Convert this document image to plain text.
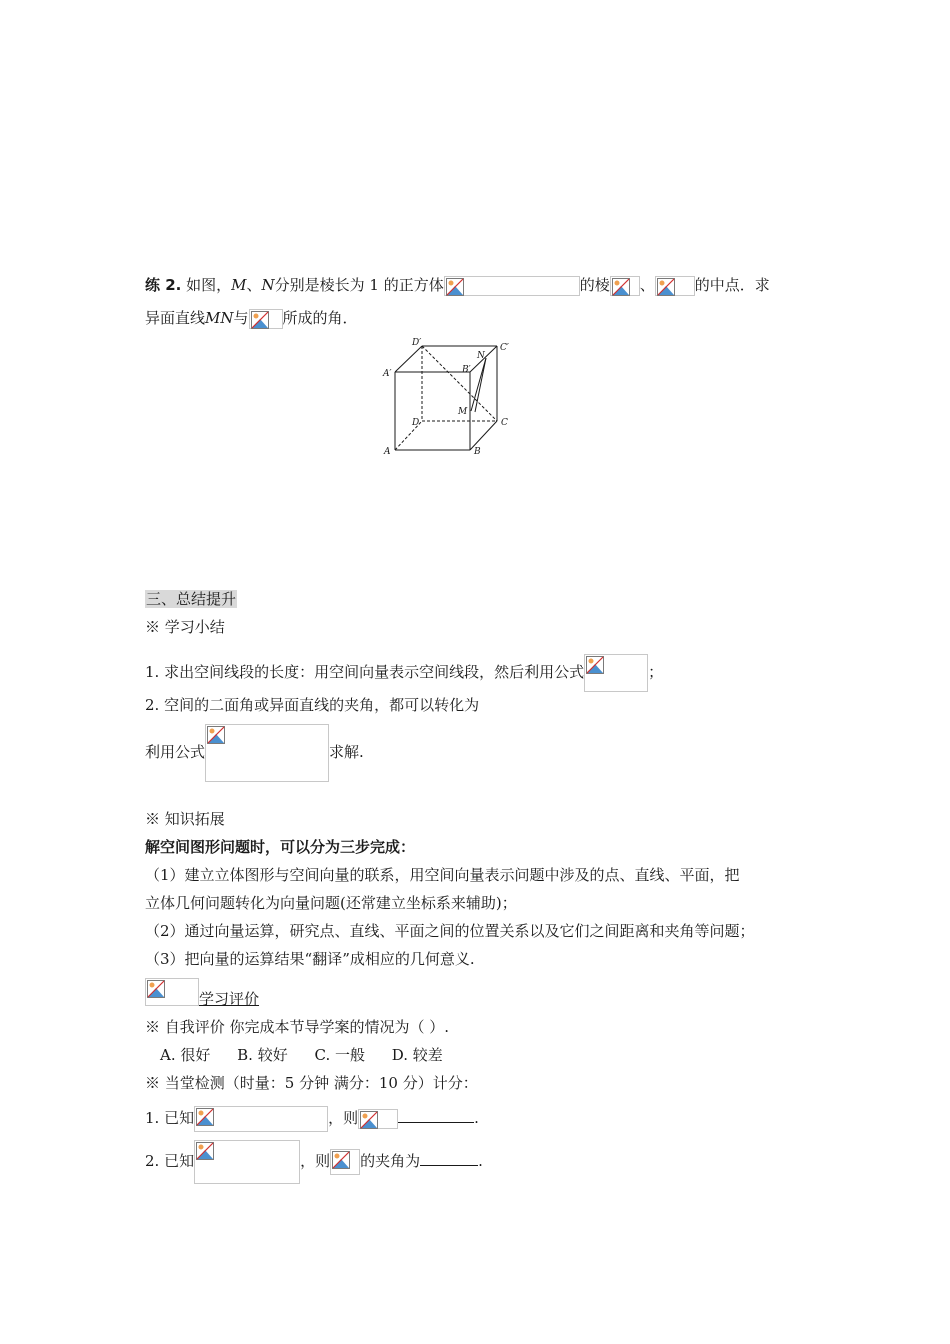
练 2. 如图，M、N分别是棱长为 1 的正方体	的棱 、	的中点．求
异面直线MN与 所成的角．
D′	C′
A′	B′
N
M
D	C
A	B
三、总结提升
※ 学习小结
1. 求出空间线段的长度：用空间向量表示空间线段，然后利用公式	；
2. 空间的二面角或异面直线的夹角，都可以转化为
利用公式	求解.
※ 知识拓展
解空间图形问题时，可以分为三步完成：
（1）建立立体图形与空间向量的联系，用空间向量表示问题中涉及的点、直线、平面，把
立体几何问题转化为向量问题(还常建立坐标系来辅助)；
（2）通过向量运算，研究点、直线、平面之间的位置关系以及它们之间距离和夹角等问题；
（3）把向量的运算结果“翻译”成相应的几何意义.
学习评价
※ 自我评价 你完成本节导学案的情况为（ ）.
A. 很好 B. 较好 C. 一般 D. 较差
※ 当堂检测（时量：5 分钟 满分：10 分）计分：
1. 已知	，则	.
2. 已知	，则 的夹角为	.
